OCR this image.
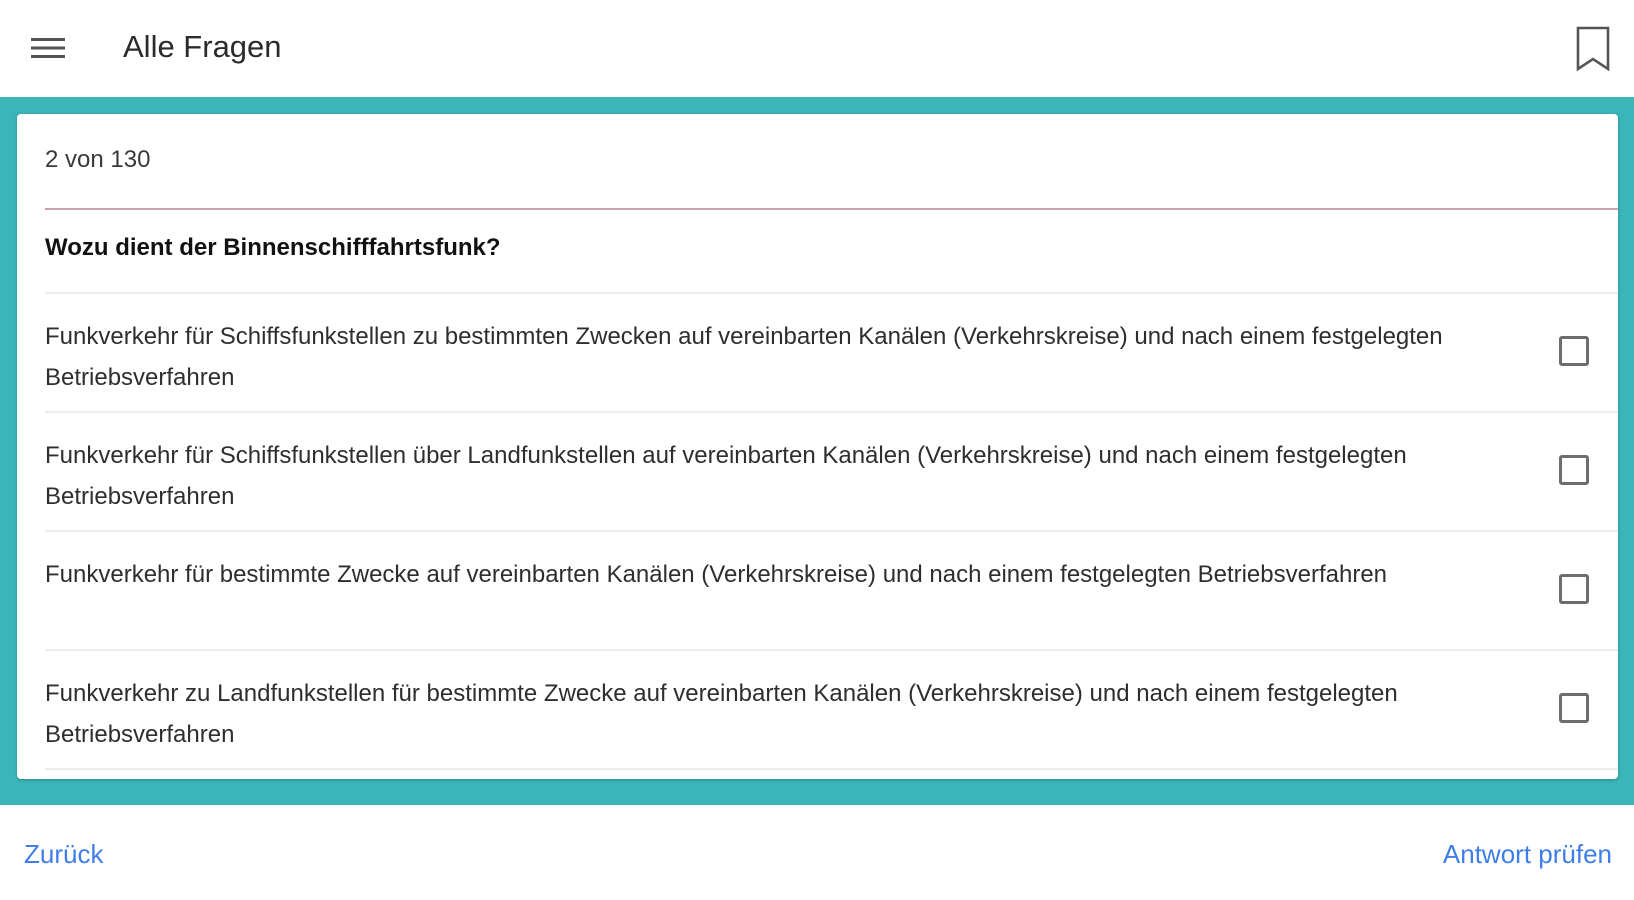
Alle Fragen
2 von 130
Wozu dient der Binnenschifffahrtsfunk?
Funkverkehr für Schiffsfunkstellen zu bestimmten Zwecken auf vereinbarten Kanälen (Verkehrskreise) und nach einem festgelegten Betriebsverfahren
Funkverkehr für Schiffsfunkstellen über Landfunkstellen auf vereinbarten Kanälen (Verkehrskreise) und nach einem festgelegten Betriebsverfahren
Funkverkehr für bestimmte Zwecke auf vereinbarten Kanälen (Verkehrskreise) und nach einem festgelegten Betriebsverfahren
Funkverkehr zu Landfunkstellen für bestimmte Zwecke auf vereinbarten Kanälen (Verkehrskreise) und nach einem festgelegten Betriebsverfahren
Zurück	Antwort prüfen
